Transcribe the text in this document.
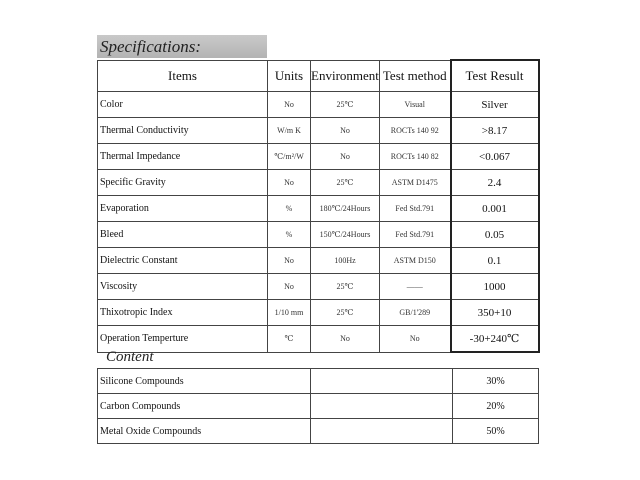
Specifications:
Items	Units	Environment	Test method	Test Result
Color	No	25℃	Visual	Silver
Thermal Conductivity	W/m K	No	ROCTs 140 92	>8.17
Thermal Impedance	℃/m²/W	No	ROCTs 140 82	<0.067
Specific Gravity	No	25℃	ASTM D1475	2.4
Evaporation	%	180℃/24Hours	Fed Std.791	0.001
Bleed	%	150℃/24Hours	Fed Std.791	0.05
Dielectric Constant	No	100Hz	ASTM D150	0.1
Viscosity	No	25℃	——	1000
Thixotropic Index	1/10 mm	25℃	GB/1'289	350+10
Operation Temperture	℃	No	No	-30+240℃
Content
Silicone Compounds		30%
Carbon Compounds		20%
Metal Oxide Compounds		50%
